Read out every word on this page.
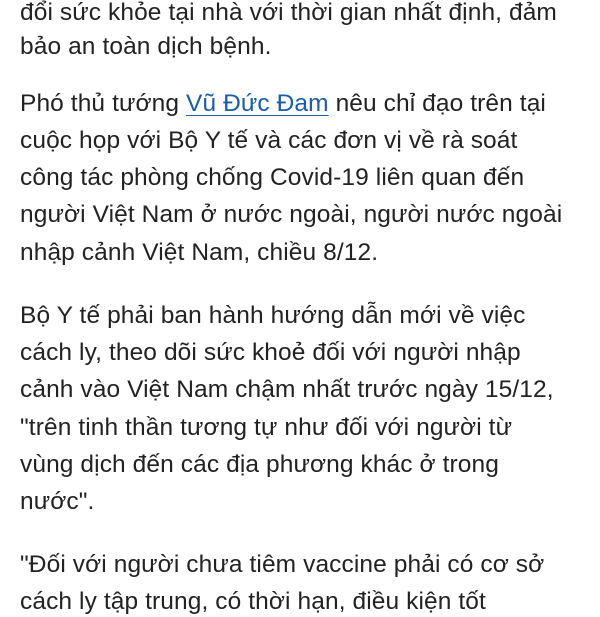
đổi sức khỏe tại nhà với thời gian nhất định, đảm
bảo an toàn dịch bệnh.
Phó thủ tướng Vũ Đức Đam nêu chỉ đạo trên tại
cuộc họp với Bộ Y tế và các đơn vị về rà soát
công tác phòng chống Covid-19 liên quan đến
người Việt Nam ở nước ngoài, người nước ngoài
nhập cảnh Việt Nam, chiều 8/12.
Bộ Y tế phải ban hành hướng dẫn mới về việc
cách ly, theo dõi sức khoẻ đối với người nhập
cảnh vào Việt Nam chậm nhất trước ngày 15/12,
"trên tinh thần tương tự như đối với người từ
vùng dịch đến các địa phương khác ở trong
nước".
"Đối với người chưa tiêm vaccine phải có cơ sở
cách ly tập trung, có thời hạn, điều kiện tốt
